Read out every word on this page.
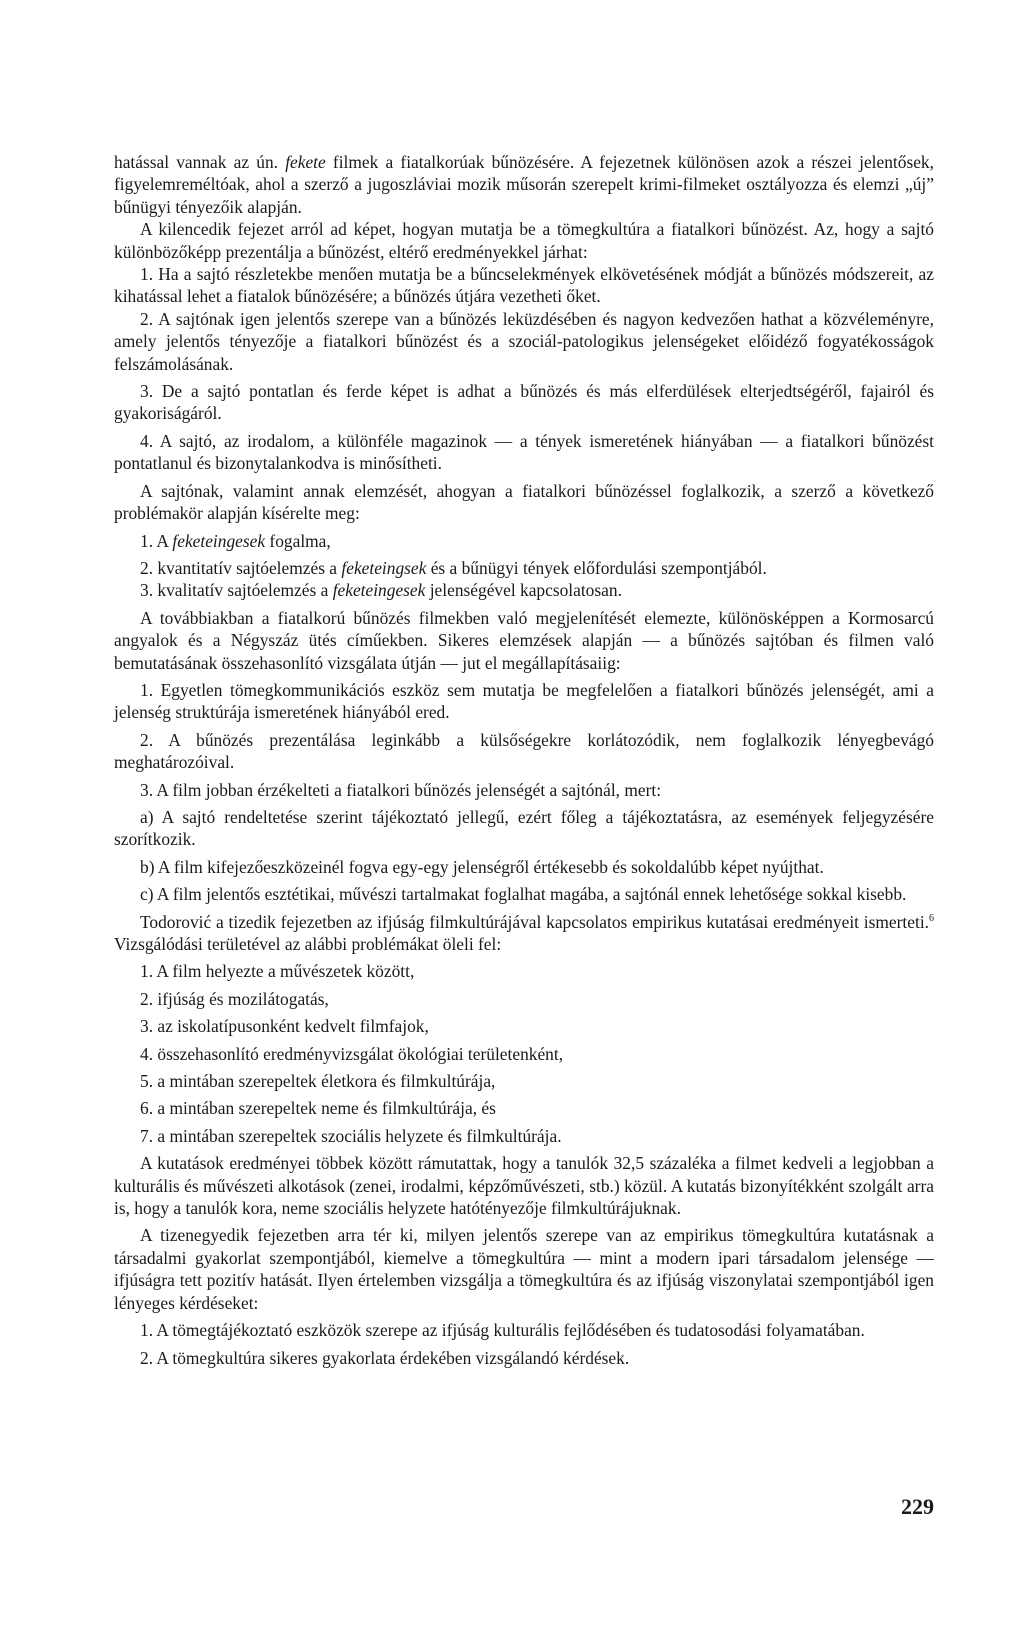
hatással vannak az ún. fekete filmek a fiatalkorúak bűnözésére. A fejezetnek különösen azok a részei jelentősek, figyelemreméltóak, ahol a szerző a jugoszláviai mozik műsorán szerepelt krimi-filmeket osztályozza és elemzi „új” bűnügyi tényezőik alapján.

A kilencedik fejezet arról ad képet, hogyan mutatja be a tömegkultúra a fiatalkori bűnözést. Az, hogy a sajtó különbözőképp prezentálja a bűnözést, eltérő eredményekkel járhat:

1. Ha a sajtó részletekbe menően mutatja be a bűncselekmények elkövetésének módját a bűnözés módszereit, az kihatással lehet a fiatalok bűnözésére; a bűnözés útjára vezetheti őket.

2. A sajtónak igen jelentős szerepe van a bűnözés leküzdésében és nagyon kedvezően hathat a közvéleményre, amely jelentős tényezője a fiatalkori bűnözést és a szociál-patologikus jelenségeket előidéző fogyatékosságok felszámolásának.

3. De a sajtó pontatlan és ferde képet is adhat a bűnözés és más elferdülések elterjedtségéről, fajairól és gyakoriságáról.

4. A sajtó, az irodalom, a különféle magazinok — a tények ismeretének hiányában — a fiatalkori bűnözést pontatlanul és bizonytalankodva is minősítheti.

A sajtónak, valamint annak elemzését, ahogyan a fiatalkori bűnözéssel foglalkozik, a szerző a következő problémakör alapján kísérelte meg:

1. A feketeingesek fogalma,

2. kvantitatív sajtóelemzés a feketeingsek és a bűnügyi tények előfordulási szempontjából.

3. kvalitatív sajtóelemzés a feketeingesek jelenségével kapcsolatosan.

A továbbiakban a fiatalkorú bűnözés filmekben való megjelenítését elemezte, különösképpen a Kormosarcú angyalok és a Négyszáz ütés címűekben. Sikeres elemzések alapján — a bűnözés sajtóban és filmen való bemutatásának összehasonlító vizsgálata útján — jut el megállapításaiig:

1. Egyetlen tömegkommunikációs eszköz sem mutatja be megfelelően a fiatalkori bűnözés jelenségét, ami a jelenség struktúrája ismeretének hiányából ered.

2. A bűnözés prezentálása leginkább a külsőségekre korlátozódik, nem foglalkozik lényegbevágó meghatározóival.

3. A film jobban érzékelteti a fiatalkori bűnözés jelenségét a sajtónál, mert:

a) A sajtó rendeltetése szerint tájékoztató jellegű, ezért főleg a tájékoztatásra, az események feljegyzésére szorítkozik.

b) A film kifejezőeszközeinél fogva egy-egy jelenségről értékesebb és sokoldalúbb képet nyújthat.

c) A film jelentős esztétikai, művészi tartalmakat foglalhat magába, a sajtónál ennek lehetősége sokkal kisebb.

Todorović a tizedik fejezetben az ifjúság filmkultúrájával kapcsolatos empirikus kutatásai eredményeit ismerteti.$^6$ Vizsgálódási területével az alábbi problémákat öleli fel:

1. A film helyezte a művészetek között,

2. ifjúság és mozilátogatás,

3. az iskolatípusonként kedvelt filmfajok,

4. összehasonlító eredményvizsgálat ökológiai területenként,

5. a mintában szerepeltek életkora és filmkultúrája,

6. a mintában szerepeltek neme és filmkultúrája, és

7. a mintában szerepeltek szociális helyzete és filmkultúrája.

A kutatások eredményei többek között rámutattak, hogy a tanulók 32,5 százaléka a filmet kedveli a legjobban a kulturális és művészeti alkotások (zenei, irodalmi, képzőművészeti, stb.) közül. A kutatás bizonyítékként szolgált arra is, hogy a tanulók kora, neme szociális helyzete hatótényezője filmkultúrájuknak.

A tizenegyedik fejezetben arra tér ki, milyen jelentős szerepe van az empirikus tömegkultúra kutatásnak a társadalmi gyakorlat szempontjából, kiemelve a tömegkultúra — mint a modern ipari társadalom jelensége — ifjúságra tett pozitív hatását. Ilyen értelemben vizsgálja a tömegkultúra és az ifjúság viszonylatai szempontjából igen lényeges kérdéseket:

1. A tömegtájékoztató eszközök szerepe az ifjúság kulturális fejlődésében és tudatosodási folyamatában.

2. A tömegkultúra sikeres gyakorlata érdekében vizsgálandó kérdések.

229
